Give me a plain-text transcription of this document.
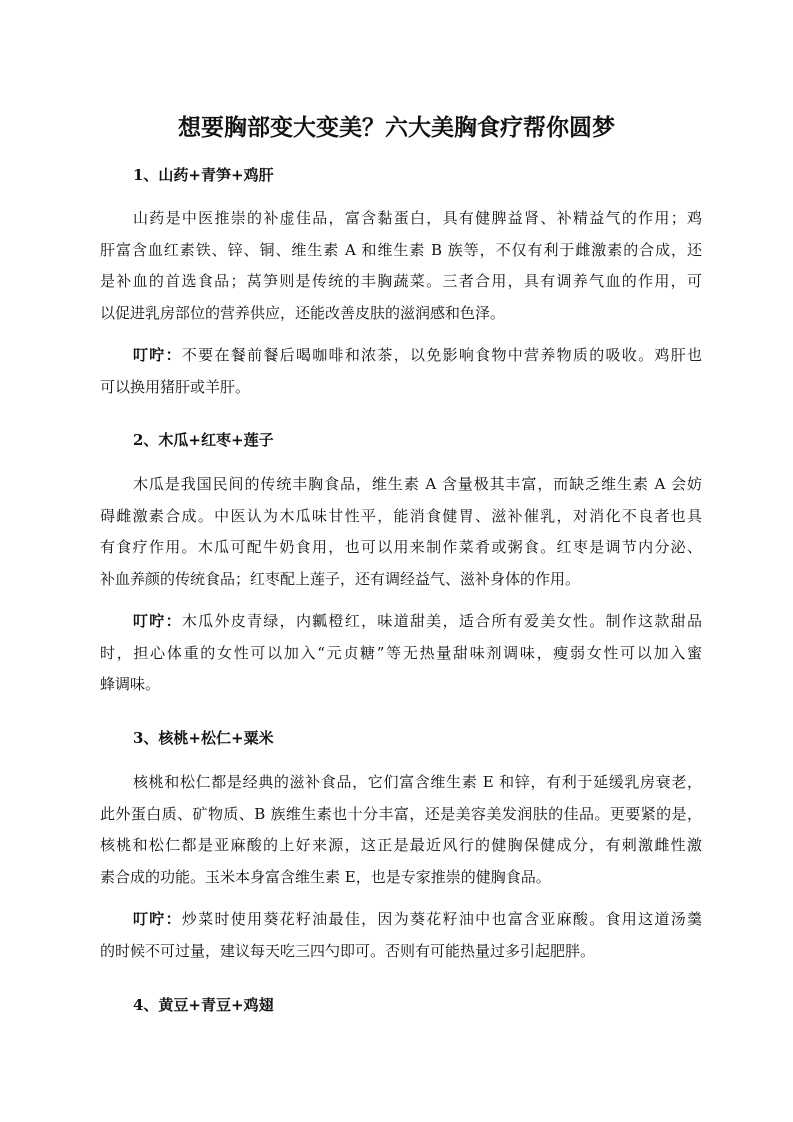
想要胸部变大变美？六大美胸食疗帮你圆梦
1、山药+青笋+鸡肝
山药是中医推崇的补虚佳品，富含黏蛋白，具有健脾益肾、补精益气的作用；鸡
肝富含血红素铁、锌、铜、维生素 A 和维生素 B 族等，不仅有利于雌激素的合成，还
是补血的首选食品；莴笋则是传统的丰胸蔬菜。三者合用，具有调养气血的作用，可
以促进乳房部位的营养供应，还能改善皮肤的滋润感和色泽。
叮咛：不要在餐前餐后喝咖啡和浓茶，以免影响食物中营养物质的吸收。鸡肝也
可以换用猪肝或羊肝。
2、木瓜+红枣+莲子
木瓜是我国民间的传统丰胸食品，维生素 A 含量极其丰富，而缺乏维生素 A 会妨
碍雌激素合成。中医认为木瓜味甘性平，能消食健胃、滋补催乳，对消化不良者也具
有食疗作用。木瓜可配牛奶食用，也可以用来制作菜肴或粥食。红枣是调节内分泌、
补血养颜的传统食品；红枣配上莲子，还有调经益气、滋补身体的作用。
叮咛：木瓜外皮青绿，内瓤橙红，味道甜美，适合所有爱美女性。制作这款甜品
时，担心体重的女性可以加入“元贞糖”等无热量甜味剂调味，瘦弱女性可以加入蜜
蜂调味。
3、核桃+松仁+粟米
核桃和松仁都是经典的滋补食品，它们富含维生素 E 和锌，有利于延缓乳房衰老，
此外蛋白质、矿物质、B 族维生素也十分丰富，还是美容美发润肤的佳品。更要紧的是，
核桃和松仁都是亚麻酸的上好来源，这正是最近风行的健胸保健成分，有刺激雌性激
素合成的功能。玉米本身富含维生素 E，也是专家推崇的健胸食品。
叮咛：炒菜时使用葵花籽油最佳，因为葵花籽油中也富含亚麻酸。食用这道汤羹
的时候不可过量，建议每天吃三四勺即可。否则有可能热量过多引起肥胖。
4、黄豆+青豆+鸡翅
